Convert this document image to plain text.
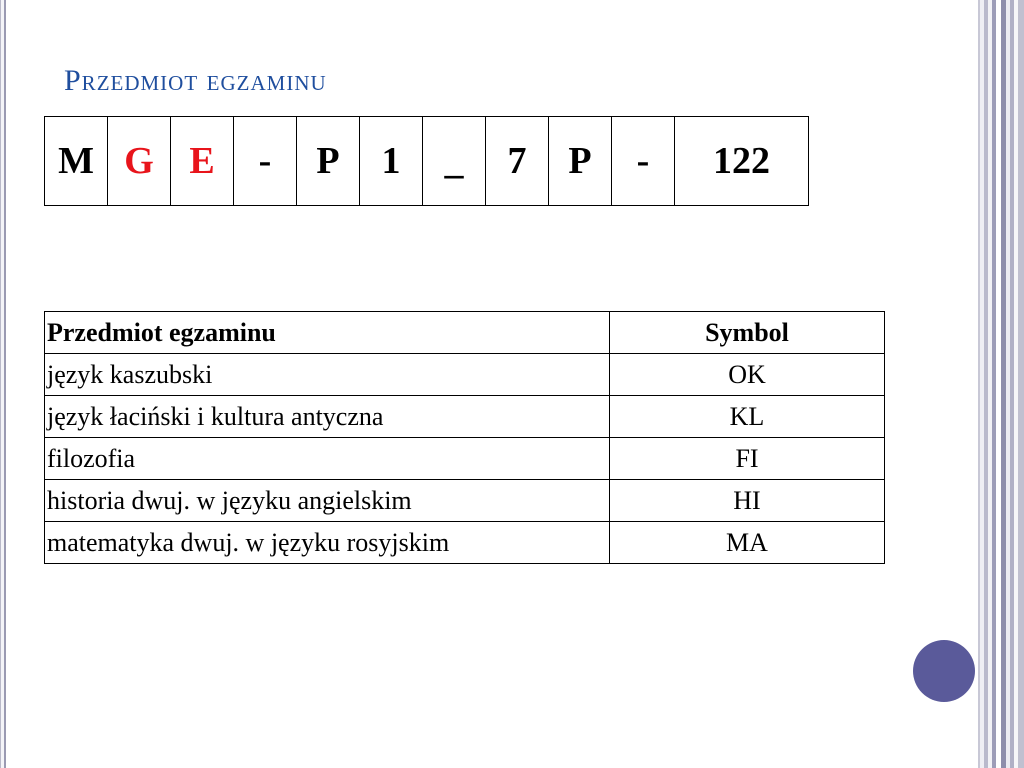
Przedmiot egzaminu
M	G	E	-	P	1	_	7	P	-	122
Przedmiot egzaminu	Symbol
język kaszubski	OK
język łaciński i kultura antyczna	KL
filozofia	FI
historia dwuj. w języku angielskim	HI
matematyka dwuj. w języku rosyjskim	MA
